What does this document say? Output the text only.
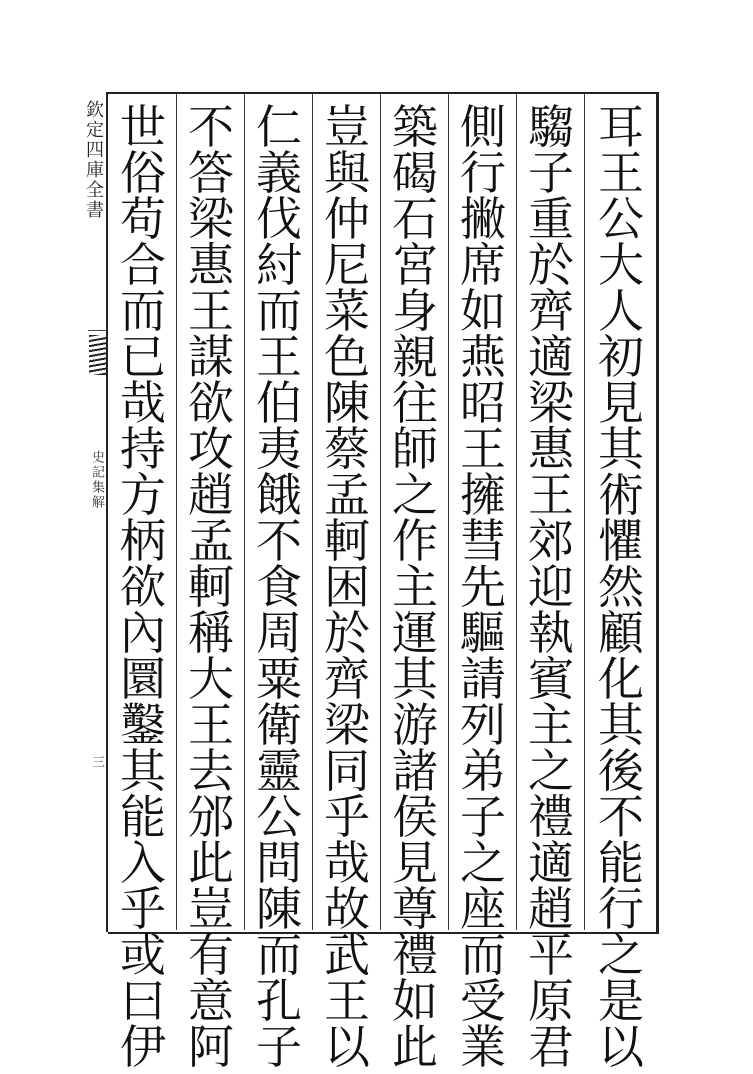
欽定四庫全書
史記集解
三
耳
王
公
大
人
初
見
其
術
懼
然
顧
化
其
後
不
能
行
之
是
以
騶
子
重
於
齊
適
梁
惠
王
郊
迎
執
賓
主
之
禮
適
趙
平
原
君
側
行
撇
席
如
燕
昭
王
擁
彗
先
驅
請
列
弟
子
之
座
而
受
業
築
碣
石
宮
身
親
往
師
之
作
主
運
其
游
諸
侯
見
尊
禮
如
此
豈
與
仲
尼
菜
色
陳
蔡
孟
軻
困
於
齊
梁
同
乎
哉
故
武
王
以
仁
義
伐
紂
而
王
伯
夷
餓
不
食
周
粟
衛
靈
公
問
陳
而
孔
子
不
答
梁
惠
王
謀
欲
攻
趙
孟
軻
稱
大
王
去
邠
此
豈
有
意
阿
世
俗
苟
合
而
已
哉
持
方
柄
欲
內
圜
鑿
其
能
入
乎
或
曰
伊
